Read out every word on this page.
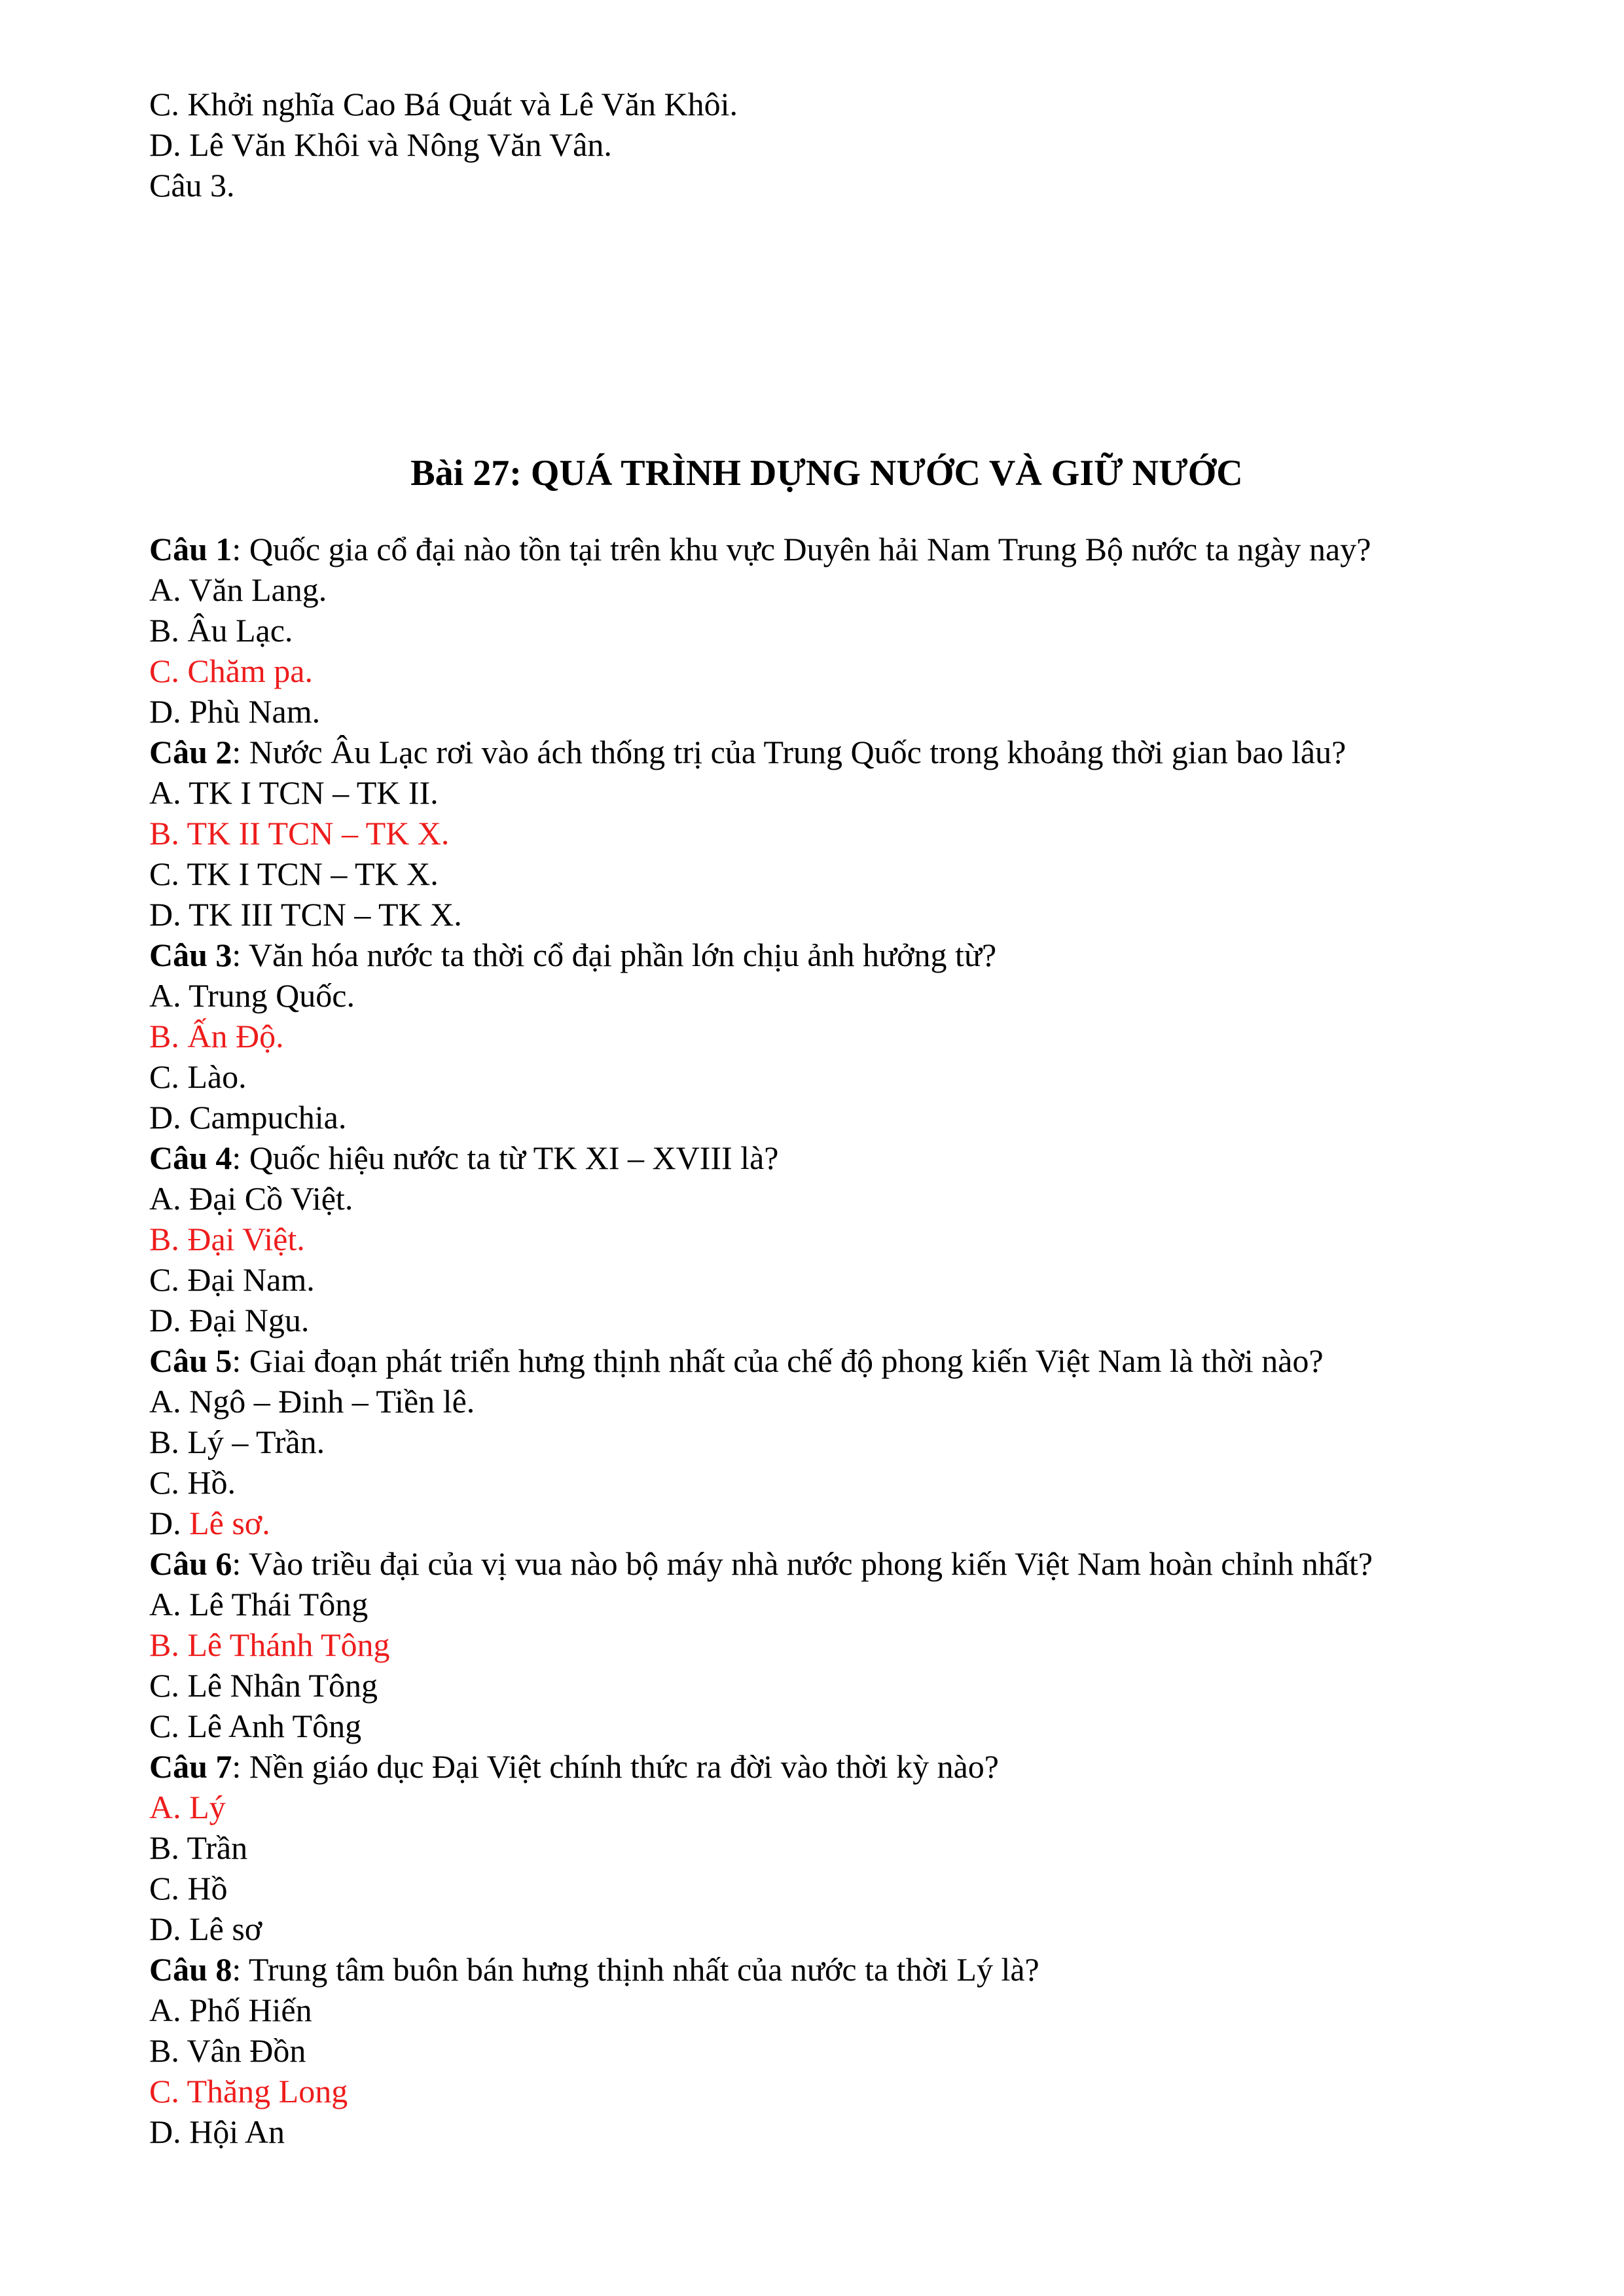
C. Khởi nghĩa Cao Bá Quát và Lê Văn Khôi.
D. Lê Văn Khôi và Nông Văn Vân.
Câu 3.
Bài 27: QUÁ TRÌNH DỰNG NƯỚC VÀ GIỮ NƯỚC
Câu 1: Quốc gia cổ đại nào tồn tại trên khu vực Duyên hải Nam Trung Bộ nước ta ngày nay?
A. Văn Lang.
B. Âu Lạc.
C. Chăm pa.
D. Phù Nam.
Câu 2: Nước Âu Lạc rơi vào ách thống trị của Trung Quốc trong khoảng thời gian bao lâu?
A. TK I TCN – TK II.
B. TK II TCN – TK X.
C. TK I TCN – TK X.
D. TK III TCN – TK X.
Câu 3: Văn hóa nước ta thời cổ đại phần lớn chịu ảnh hưởng từ?
A. Trung Quốc.
B. Ấn Độ.
C. Lào.
D. Campuchia.
Câu 4: Quốc hiệu nước ta từ TK XI – XVIII là?
A. Đại Cồ Việt.
B. Đại Việt.
C. Đại Nam.
D. Đại Ngu.
Câu 5: Giai đoạn phát triển hưng thịnh nhất của chế độ phong kiến Việt Nam là thời nào?
A. Ngô – Đinh – Tiền lê.
B. Lý – Trần.
C. Hồ.
D. Lê sơ.
Câu 6: Vào triều đại của vị vua nào bộ máy nhà nước phong kiến Việt Nam hoàn chỉnh nhất?
A. Lê Thái Tông
B. Lê Thánh Tông
C. Lê Nhân Tông
C. Lê Anh Tông
Câu 7: Nền giáo dục Đại Việt chính thức ra đời vào thời kỳ nào?
A. Lý
B. Trần
C. Hồ
D. Lê sơ
Câu 8: Trung tâm buôn bán hưng thịnh nhất của nước ta thời Lý là?
A. Phố Hiến
B. Vân Đồn
C. Thăng Long
D. Hội An
